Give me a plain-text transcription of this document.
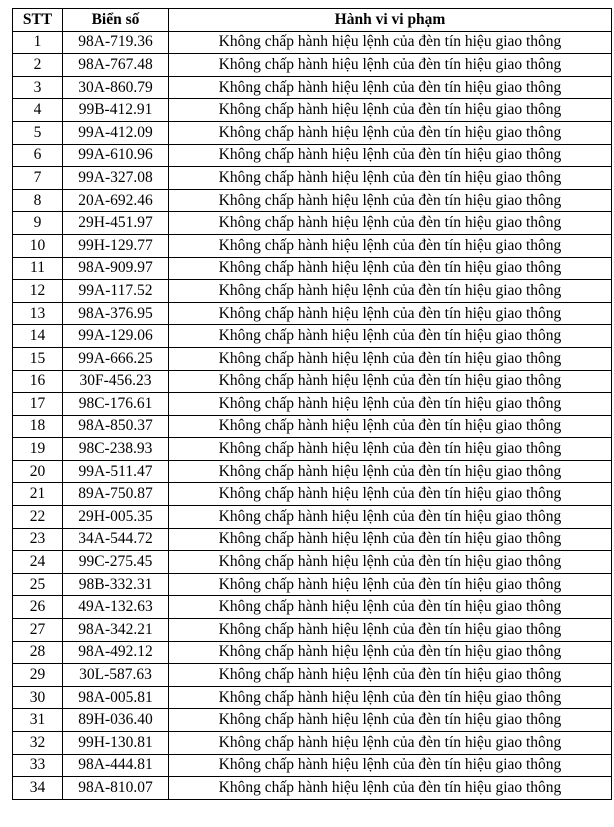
STT	Biển số	Hành vi vi phạm
1	98A-719.36	Không chấp hành hiệu lệnh của đèn tín hiệu giao thông
2	98A-767.48	Không chấp hành hiệu lệnh của đèn tín hiệu giao thông
3	30A-860.79	Không chấp hành hiệu lệnh của đèn tín hiệu giao thông
4	99B-412.91	Không chấp hành hiệu lệnh của đèn tín hiệu giao thông
5	99A-412.09	Không chấp hành hiệu lệnh của đèn tín hiệu giao thông
6	99A-610.96	Không chấp hành hiệu lệnh của đèn tín hiệu giao thông
7	99A-327.08	Không chấp hành hiệu lệnh của đèn tín hiệu giao thông
8	20A-692.46	Không chấp hành hiệu lệnh của đèn tín hiệu giao thông
9	29H-451.97	Không chấp hành hiệu lệnh của đèn tín hiệu giao thông
10	99H-129.77	Không chấp hành hiệu lệnh của đèn tín hiệu giao thông
11	98A-909.97	Không chấp hành hiệu lệnh của đèn tín hiệu giao thông
12	99A-117.52	Không chấp hành hiệu lệnh của đèn tín hiệu giao thông
13	98A-376.95	Không chấp hành hiệu lệnh của đèn tín hiệu giao thông
14	99A-129.06	Không chấp hành hiệu lệnh của đèn tín hiệu giao thông
15	99A-666.25	Không chấp hành hiệu lệnh của đèn tín hiệu giao thông
16	30F-456.23	Không chấp hành hiệu lệnh của đèn tín hiệu giao thông
17	98C-176.61	Không chấp hành hiệu lệnh của đèn tín hiệu giao thông
18	98A-850.37	Không chấp hành hiệu lệnh của đèn tín hiệu giao thông
19	98C-238.93	Không chấp hành hiệu lệnh của đèn tín hiệu giao thông
20	99A-511.47	Không chấp hành hiệu lệnh của đèn tín hiệu giao thông
21	89A-750.87	Không chấp hành hiệu lệnh của đèn tín hiệu giao thông
22	29H-005.35	Không chấp hành hiệu lệnh của đèn tín hiệu giao thông
23	34A-544.72	Không chấp hành hiệu lệnh của đèn tín hiệu giao thông
24	99C-275.45	Không chấp hành hiệu lệnh của đèn tín hiệu giao thông
25	98B-332.31	Không chấp hành hiệu lệnh của đèn tín hiệu giao thông
26	49A-132.63	Không chấp hành hiệu lệnh của đèn tín hiệu giao thông
27	98A-342.21	Không chấp hành hiệu lệnh của đèn tín hiệu giao thông
28	98A-492.12	Không chấp hành hiệu lệnh của đèn tín hiệu giao thông
29	30L-587.63	Không chấp hành hiệu lệnh của đèn tín hiệu giao thông
30	98A-005.81	Không chấp hành hiệu lệnh của đèn tín hiệu giao thông
31	89H-036.40	Không chấp hành hiệu lệnh của đèn tín hiệu giao thông
32	99H-130.81	Không chấp hành hiệu lệnh của đèn tín hiệu giao thông
33	98A-444.81	Không chấp hành hiệu lệnh của đèn tín hiệu giao thông
34	98A-810.07	Không chấp hành hiệu lệnh của đèn tín hiệu giao thông
